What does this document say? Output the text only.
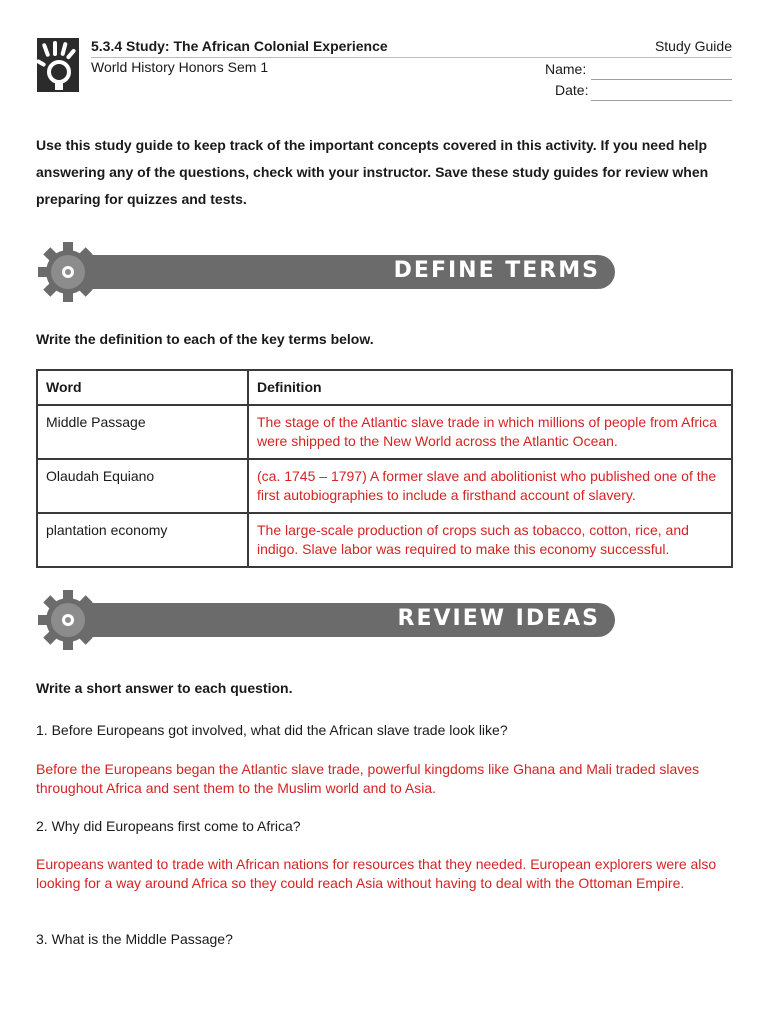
5.3.4 Study: The African Colonial Experience	Study Guide
World History Honors Sem 1	Name:
Date:
Use this study guide to keep track of the important concepts covered in this activity. If you need help answering any of the questions, check with your instructor. Save these study guides for review when preparing for quizzes and tests.
DEFINE TERMS
Write the definition to each of the key terms below.
Word	Definition
Middle Passage	The stage of the Atlantic slave trade in which millions of people from Africa were shipped to the New World across the Atlantic Ocean.
Olaudah Equiano	(ca. 1745 – 1797) A former slave and abolitionist who published one of the first autobiographies to include a firsthand account of slavery.
plantation economy	The large-scale production of crops such as tobacco, cotton, rice, and indigo. Slave labor was required to make this economy successful.
REVIEW IDEAS
Write a short answer to each question.
1. Before Europeans got involved, what did the African slave trade look like?
Before the Europeans began the Atlantic slave trade, powerful kingdoms like Ghana and Mali traded slaves throughout Africa and sent them to the Muslim world and to Asia.
2. Why did Europeans first come to Africa?
Europeans wanted to trade with African nations for resources that they needed. European explorers were also looking for a way around Africa so they could reach Asia without having to deal with the Ottoman Empire.
3. What is the Middle Passage?
